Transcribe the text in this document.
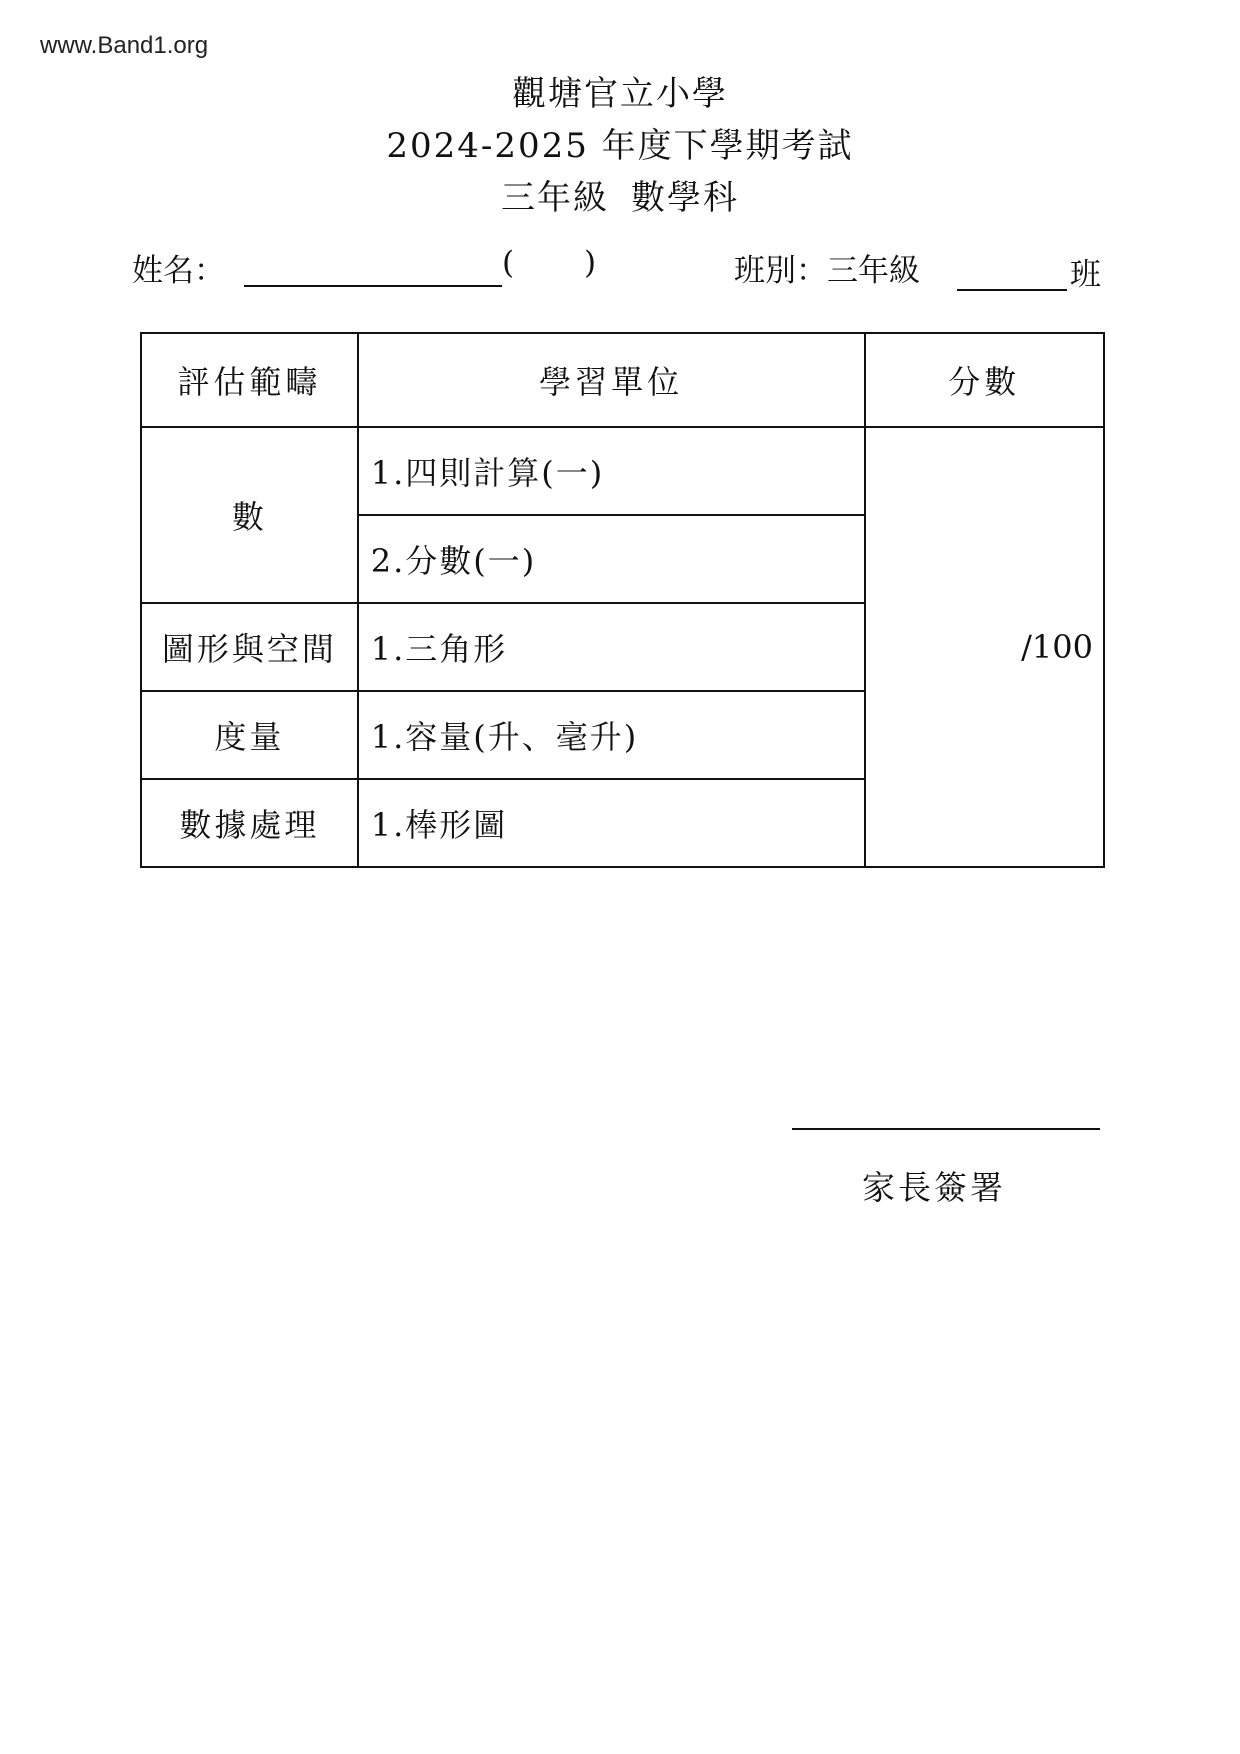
www.Band1.org
觀塘官立小學
2024-2025 年度下學期考試
三年級 數學科
姓名：	( )	班別：三年級	班
評估範疇	學習單位	分數
數	1.四則計算(一)	/100
	2.分數(一)	
圖形與空間	1.三角形	
度量	1.容量(升、毫升)	
數據處理	1.棒形圖	
家長簽署
